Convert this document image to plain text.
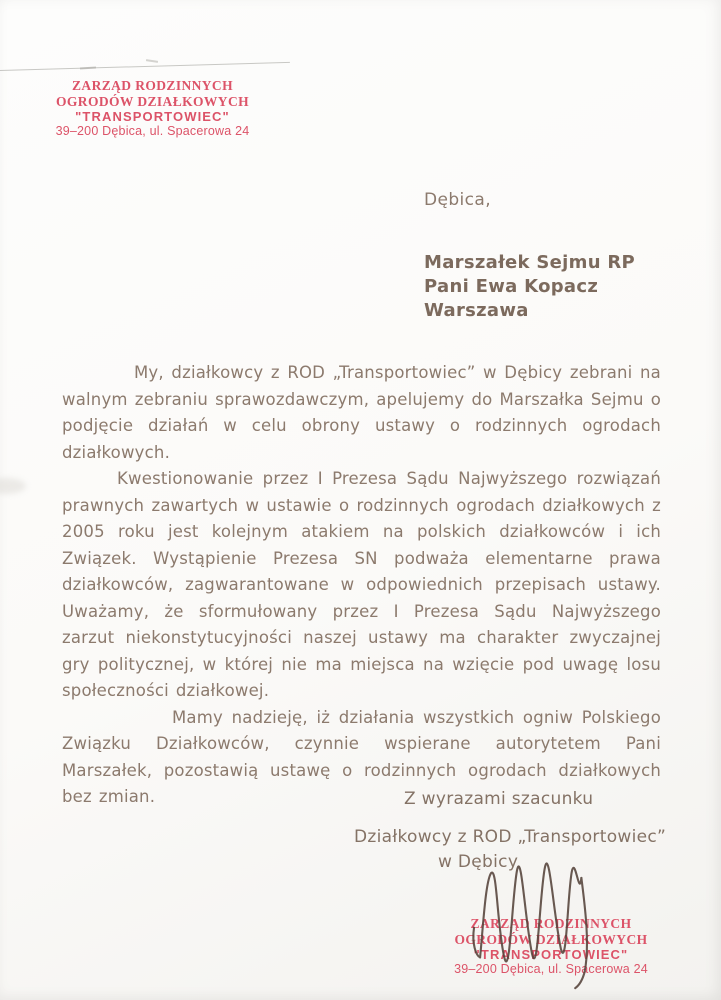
ZARZĄD RODZINNYCH
OGRODÓW DZIAŁKOWYCH
"TRANSPORTOWIEC"
39–200 Dębica, ul. Spacerowa 24
Dębica,
Marszałek Sejmu RP
Pani Ewa Kopacz
Warszawa

My, działkowcy z ROD „Transportowiec” w Dębicy zebrani na walnym zebraniu sprawozdawczym, apelujemy do Marszałka Sejmu o podjęcie działań w celu obrony ustawy o rodzinnych ogrodach działkowych.

Kwestionowanie przez I Prezesa Sądu Najwyższego rozwiązań prawnych zawartych w ustawie o rodzinnych ogrodach działkowych z 2005 roku jest kolejnym atakiem na polskich działkowców i ich Związek. Wystąpienie Prezesa SN podważa elementarne prawa działkowców, zagwarantowane w odpowiednich przepisach ustawy. Uważamy, że sformułowany przez I Prezesa Sądu Najwyższego zarzut niekonstytucyjności naszej ustawy ma charakter zwyczajnej gry politycznej, w której nie ma miejsca na wzięcie pod uwagę losu społeczności działkowej.

Mamy nadzieję, iż działania wszystkich ogniw Polskiego Związku Działkowców, czynnie wspierane autorytetem Pani Marszałek, pozostawią ustawę o rodzinnych ogrodach działkowych bez zmian.	Z wyrazami szacunku
Działkowcy z ROD „Transportowiec”
w Dębicy
ZARZĄD RODZINNYCH
OGRODÓW DZIAŁKOWYCH
"TRANSPORTOWIEC"
39–200 Dębica, ul. Spacerowa 24
